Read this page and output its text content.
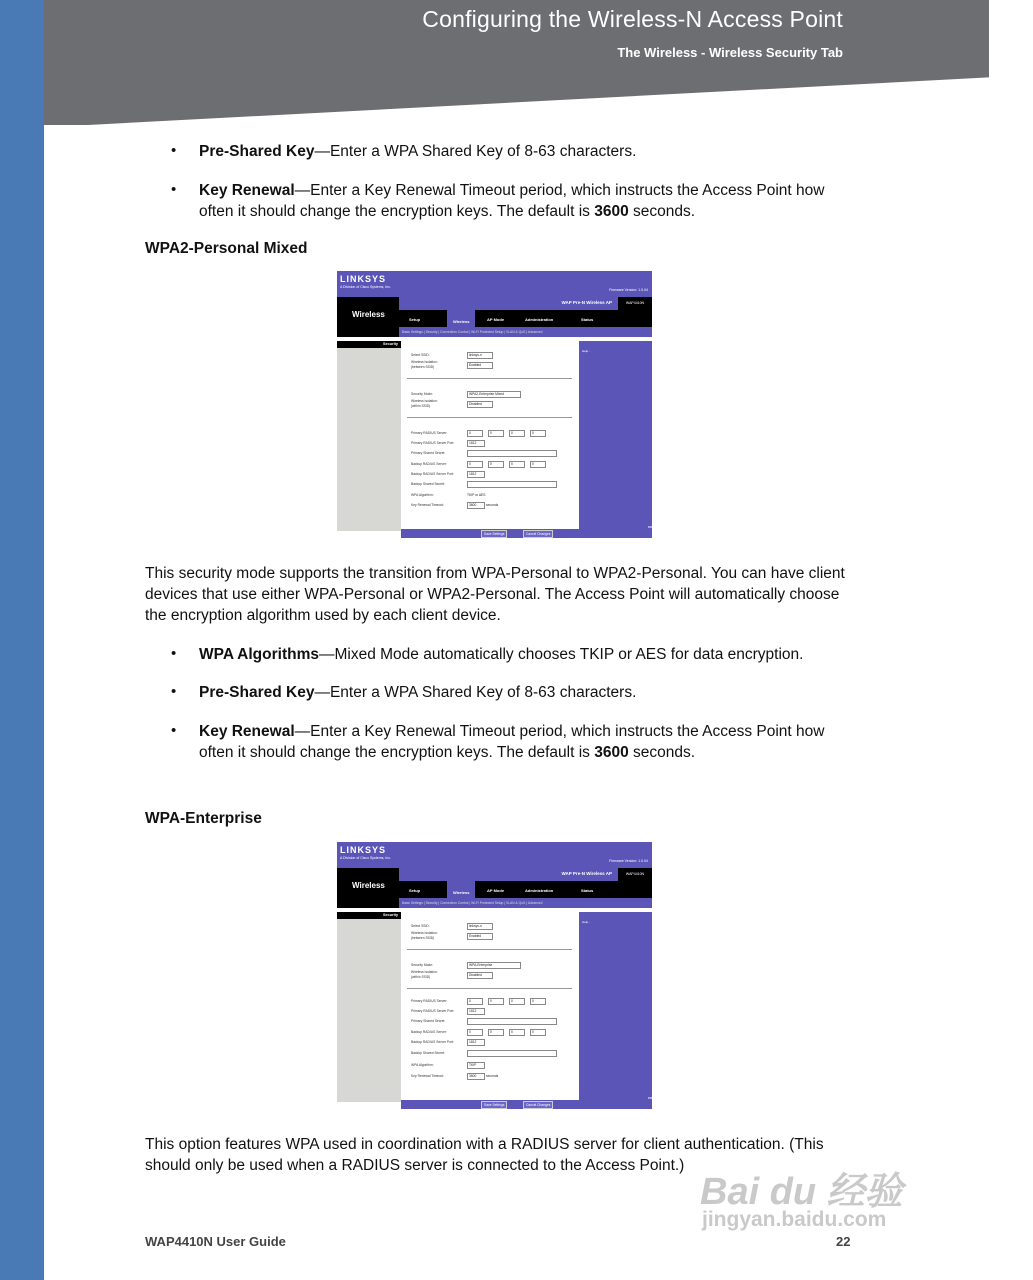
Configuring the Wireless-N Access Point
The Wireless - Wireless Security Tab
• Pre-Shared Key—Enter a WPA Shared Key of 8-63 characters.
• Key Renewal—Enter a Key Renewal Timeout period, which instructs the Access Point how often it should change the encryption keys. The default is 3600 seconds.
WPA2-Personal Mixed
LINKSYS
A Division of Cisco Systems, Inc.
Firmware Version: 1.0.04
Wireless
WAP Pre-N Wireless AP	WAP4410N
Setup	Wireless	AP Mode	Administration	Status
Basic Settings | Security | Connection Control | Wi-Fi Protected Setup | VLAN & QoS | Advanced
Security
Select SSID:	linksys-n
Wireless Isolation:
(between SSID)	Enabled
Security Mode:	WPA2-Enterprise Mixed
Wireless Isolation:
(within SSID)	Disabled
Primary RADIUS Server:	0	0	0	0
Primary RADIUS Server Port:	1812
Primary Shared Secret:
Backup RADIUS Server:	0	0	0	0
Backup RADIUS Server Port:	1812
Backup Shared Secret:
WPA Algorithm:	TKIP or AES
Key Renewal Timeout:	3600	seconds
Help...
CISCO.
Save Settings	Cancel Changes
This security mode supports the transition from WPA-Personal to WPA2-Personal. You can have client devices that use either WPA-Personal or WPA2-Personal. The Access Point will automatically choose the encryption algorithm used by each client device.
• WPA Algorithms—Mixed Mode automatically chooses TKIP or AES for data encryption.
• Pre-Shared Key—Enter a WPA Shared Key of 8-63 characters.
• Key Renewal—Enter a Key Renewal Timeout period, which instructs the Access Point how often it should change the encryption keys. The default is 3600 seconds.
WPA-Enterprise
LINKSYS
A Division of Cisco Systems, Inc.
Firmware Version: 1.0.04
Wireless
WAP Pre-N Wireless AP	WAP4410N
Setup	Wireless	AP Mode	Administration	Status
Basic Settings | Security | Connection Control | Wi-Fi Protected Setup | VLAN & QoS | Advanced
Security
Select SSID:	linksys-n
Wireless Isolation:
(between SSID)	Enabled
Security Mode:	WPA-Enterprise
Wireless Isolation:
(within SSID)	Disabled
Primary RADIUS Server:	0	0	0	0
Primary RADIUS Server Port:	1812
Primary Shared Secret:
Backup RADIUS Server:	0	0	0	0
Backup RADIUS Server Port:	1812
Backup Shared Secret:
WPA Algorithm:	TKIP
Key Renewal Timeout:	3600	seconds
Help...
CISCO.
Save Settings	Cancel Changes
This option features WPA used in coordination with a RADIUS server for client authentication. (This should only be used when a RADIUS server is connected to the Access Point.)
Bai du 经验
jingyan.baidu.com
WAP4410N User Guide	22
